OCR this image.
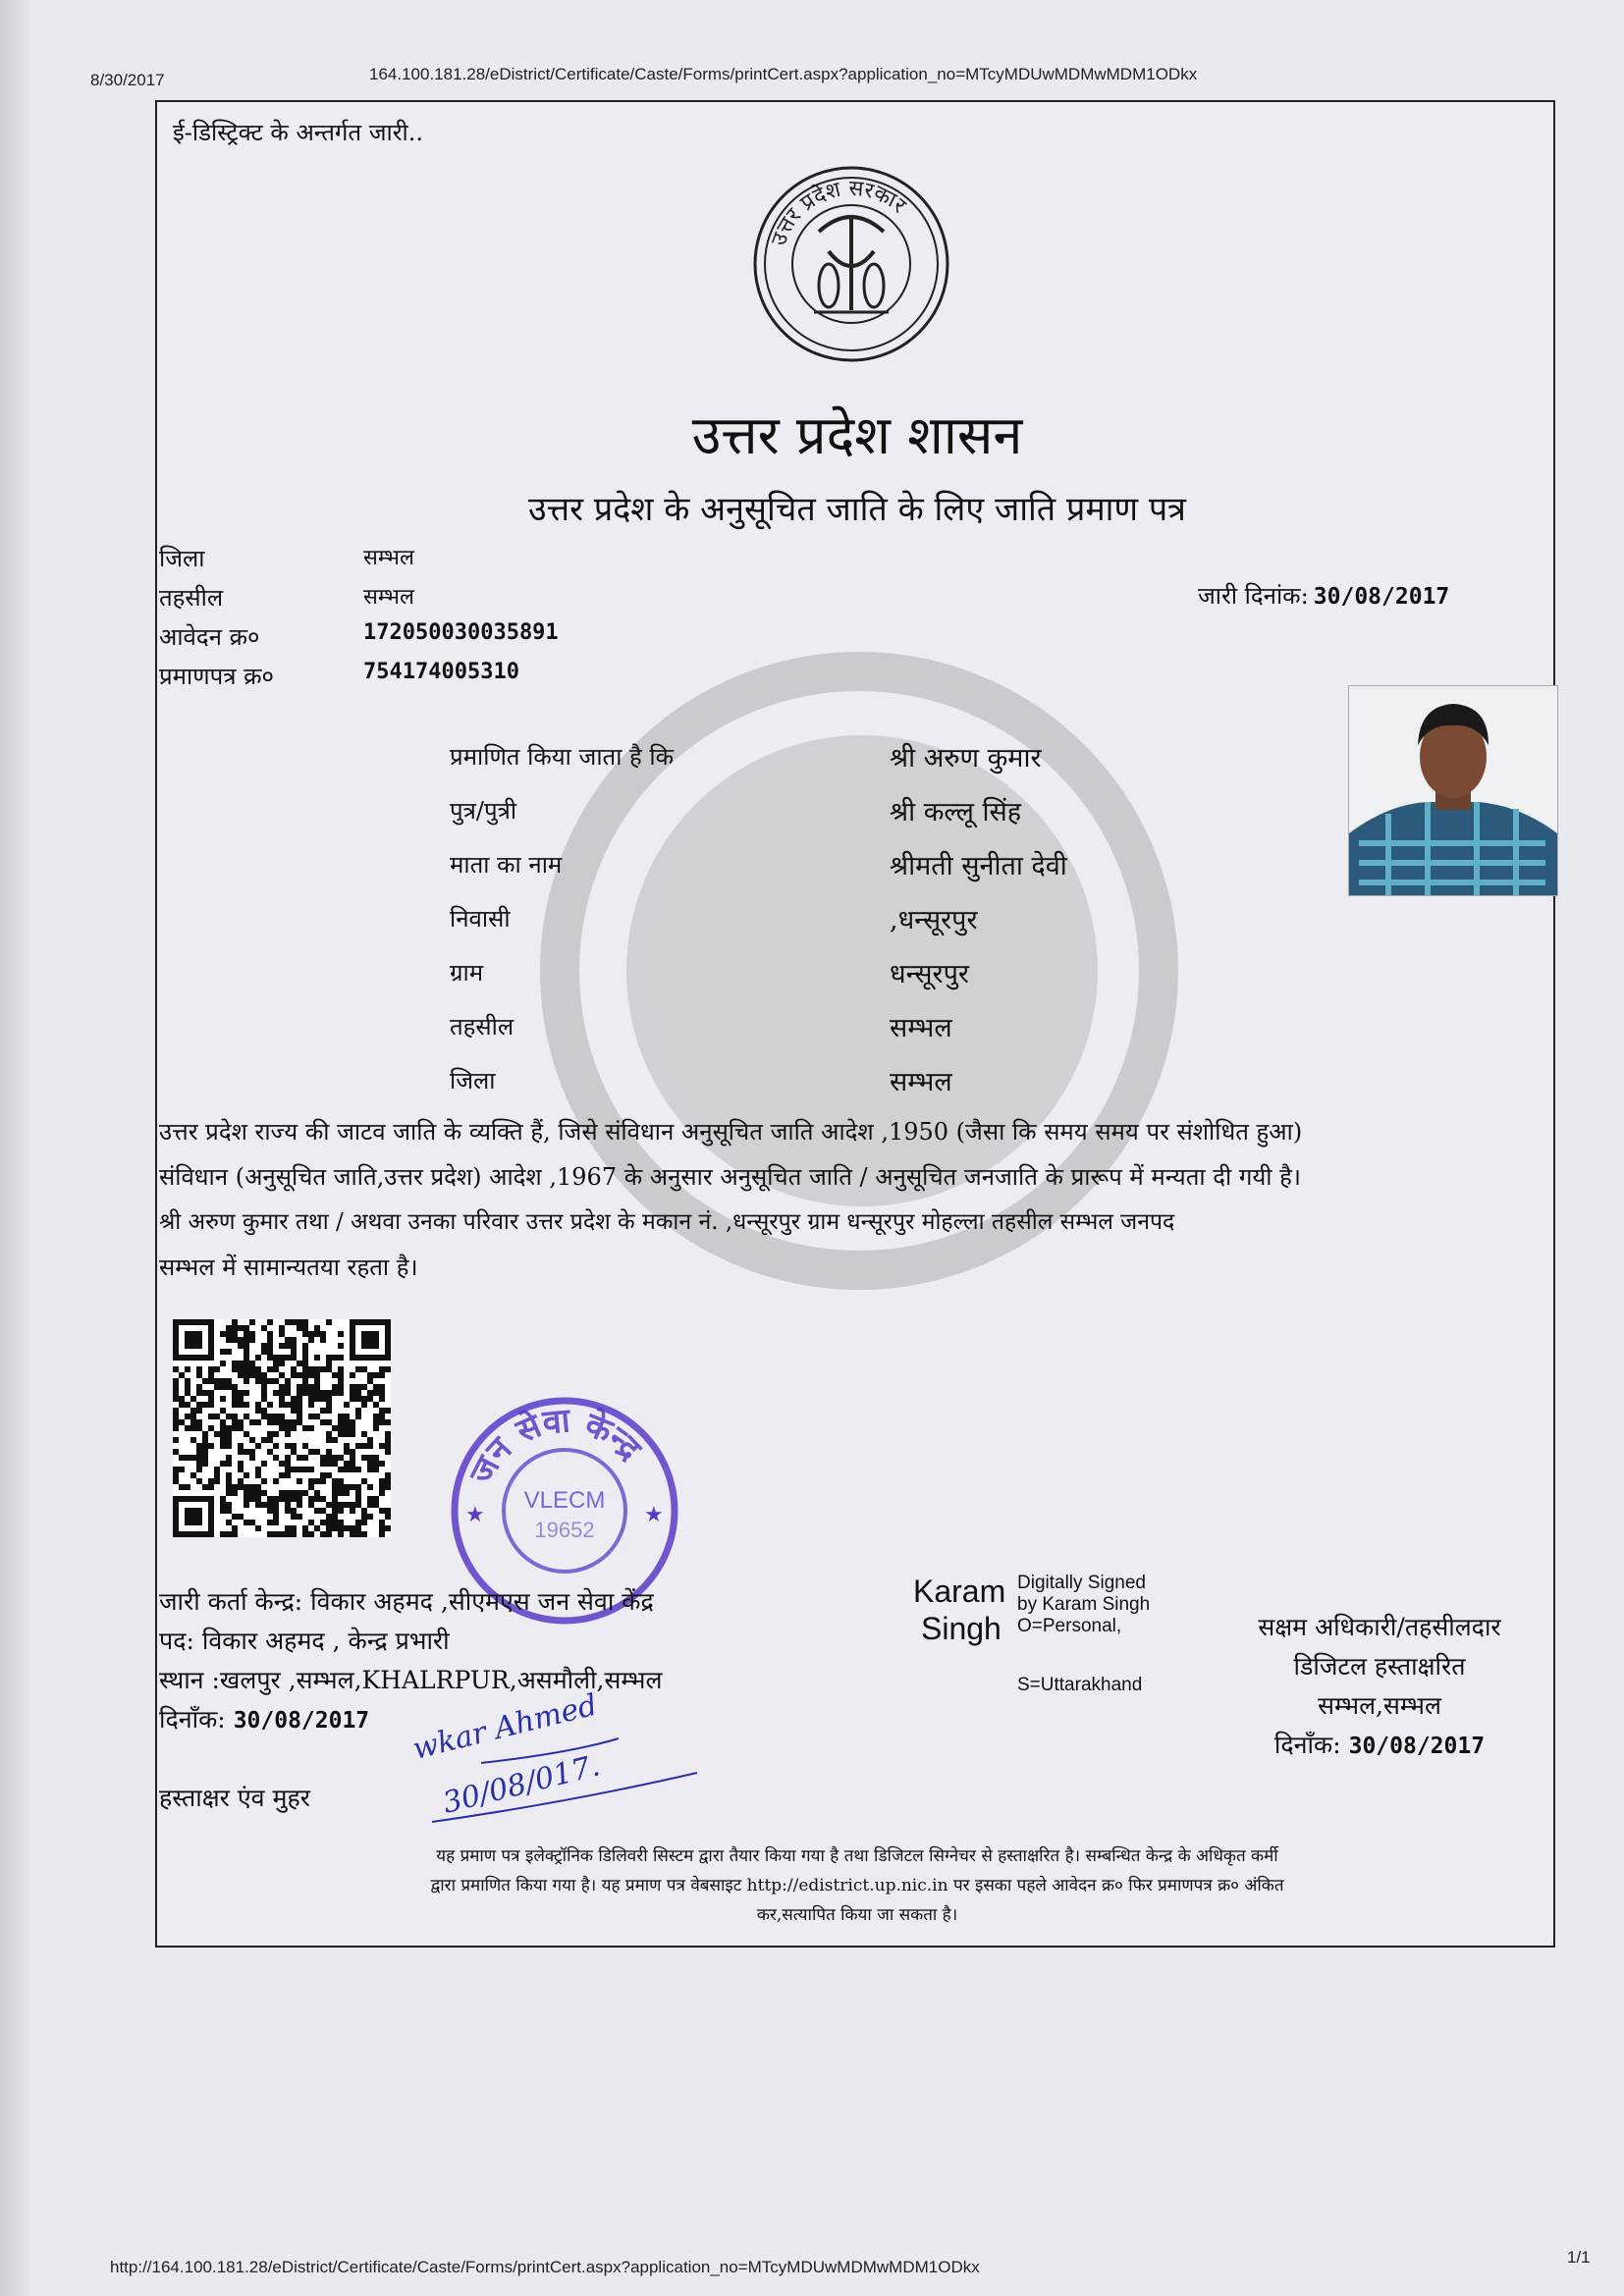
8/30/2017	164.100.181.28/eDistrict/Certificate/Caste/Forms/printCert.aspx?application_no=MTcyMDUwMDMwMDM1ODkx
ई-डिस्ट्रिक्ट के अन्तर्गत जारी..
उत्तर प्रदेश सरकार
उत्तर प्रदेश शासन
उत्तर प्रदेश के अनुसूचित जाति के लिए जाति प्रमाण पत्र
जिला	सम्भल
तहसील	सम्भल
आवेदन क्र०	172050030035891
प्रमाणपत्र क्र०	754174005310
जारी दिनांक: 30/08/2017
प्रमाणित किया जाता है कि	श्री अरुण कुमार
पुत्र/पुत्री	श्री कल्लू सिंह
माता का नाम	श्रीमती सुनीता देवी
निवासी	,धन्सूरपुर
ग्राम	धन्सूरपुर
तहसील	सम्भल
जिला	सम्भल
उत्तर प्रदेश राज्य की जाटव जाति के व्यक्ति हैं, जिसे संविधान अनुसूचित जाति आदेश ,1950 (जैसा कि समय समय पर संशोधित हुआ)
संविधान (अनुसूचित जाति,उत्तर प्रदेश) आदेश ,1967 के अनुसार अनुसूचित जाति / अनुसूचित जनजाति के प्रारूप में मन्यता दी गयी है।
श्री अरुण कुमार तथा / अथवा उनका परिवार उत्तर प्रदेश के मकान नं. ,धन्सूरपुर ग्राम धन्सूरपुर मोहल्ला तहसील सम्भल जनपद
सम्भल में सामान्यतया रहता है।
जन सेवा केन्द्र
VLECM
19652
★	★
जारी कर्ता केन्द्र: विकार अहमद ,सीएमएस जन सेवा केंद्र
पद: विकार अहमद , केन्द्र प्रभारी
स्थान :खलपुर ,सम्भल,KHALRPUR,असमौली,सम्भल
दिनाँक: 30/08/2017
हस्ताक्षर एंव मुहर
wkar Ahmed
30/08/017.
Karam
Singh
Digitally Signed
by Karam Singh
O=Personal,
S=Uttarakhand
सक्षम अधिकारी/तहसीलदार
डिजिटल हस्ताक्षरित
सम्भल,सम्भल
दिनाँक: 30/08/2017
यह प्रमाण पत्र इलेक्ट्रॉनिक डिलिवरी सिस्टम द्वारा तैयार किया गया है तथा डिजिटल सिग्नेचर से हस्ताक्षरित है। सम्बन्धित केन्द्र के अधिकृत कर्मी
द्वारा प्रमाणित किया गया है। यह प्रमाण पत्र वेबसाइट http://edistrict.up.nic.in पर इसका पहले आवेदन क्र० फिर प्रमाणपत्र क्र० अंकित
कर,सत्यापित किया जा सकता है।
http://164.100.181.28/eDistrict/Certificate/Caste/Forms/printCert.aspx?application_no=MTcyMDUwMDMwMDM1ODkx
1/1
